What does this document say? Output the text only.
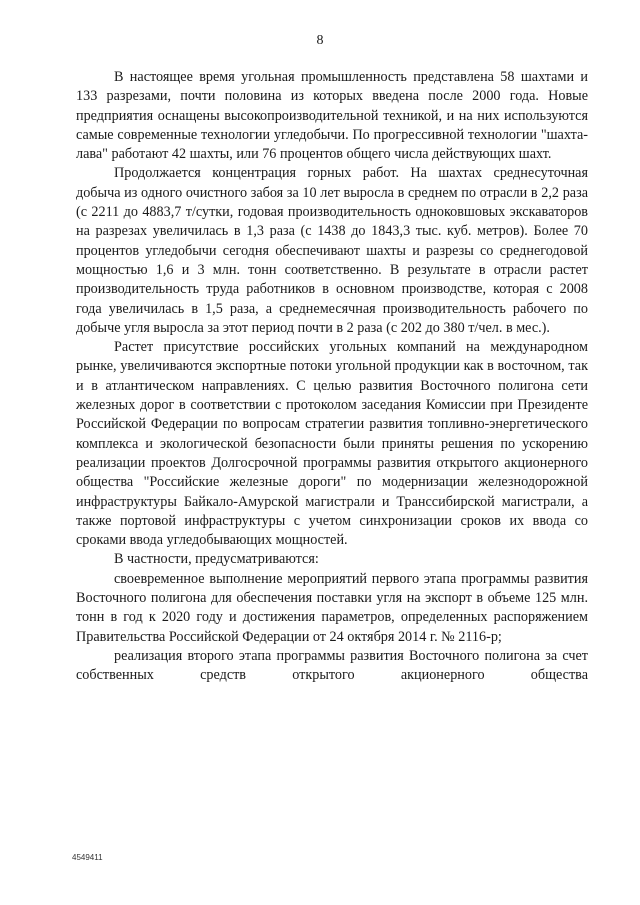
8

В настоящее время угольная промышленность представлена 58 шахтами и 133 разрезами, почти половина из которых введена после 2000 года. Новые предприятия оснащены высокопроизводительной техникой, и на них используются самые современные технологии угледобычи. По прогрессивной технологии "шахта-лава" работают 42 шахты, или 76 процентов общего числа действующих шахт.

Продолжается концентрация горных работ. На шахтах среднесуточная добыча из одного очистного забоя за 10 лет выросла в среднем по отрасли в 2,2 раза (с 2211 до 4883,7 т/сутки, годовая производительность одноковшовых экскаваторов на разрезах увеличилась в 1,3 раза (с 1438 до 1843,3 тыс. куб. метров). Более 70 процентов угледобычи сегодня обеспечивают шахты и разрезы со среднегодовой мощностью 1,6 и 3 млн. тонн соответственно. В результате в отрасли растет производительность труда работников в основном производстве, которая с 2008 года увеличилась в 1,5 раза, а среднемесячная производительность рабочего по добыче угля выросла за этот период почти в 2 раза (с 202 до 380 т/чел. в мес.).

Растет присутствие российских угольных компаний на международном рынке, увеличиваются экспортные потоки угольной продукции как в восточном, так и в атлантическом направлениях. С целью развития Восточного полигона сети железных дорог в соответствии с протоколом заседания Комиссии при Президенте Российской Федерации по вопросам стратегии развития топливно-энергетического комплекса и экологической безопасности были приняты решения по ускорению реализации проектов Долгосрочной программы развития открытого акционерного общества "Российские железные дороги" по модернизации железнодорожной инфраструктуры Байкало-Амурской магистрали и Транссибирской магистрали, а также портовой инфраструктуры с учетом синхронизации сроков их ввода со сроками ввода угледобывающих мощностей.

В частности, предусматриваются:

своевременное выполнение мероприятий первого этапа программы развития Восточного полигона для обеспечения поставки угля на экспорт в объеме 125 млн. тонн в год к 2020 году и достижения параметров, определенных распоряжением Правительства Российской Федерации от 24 октября 2014 г. № 2116-р;

реализация второго этапа программы развития Восточного полигона за счет собственных средств открытого акционерного общества

4549411
